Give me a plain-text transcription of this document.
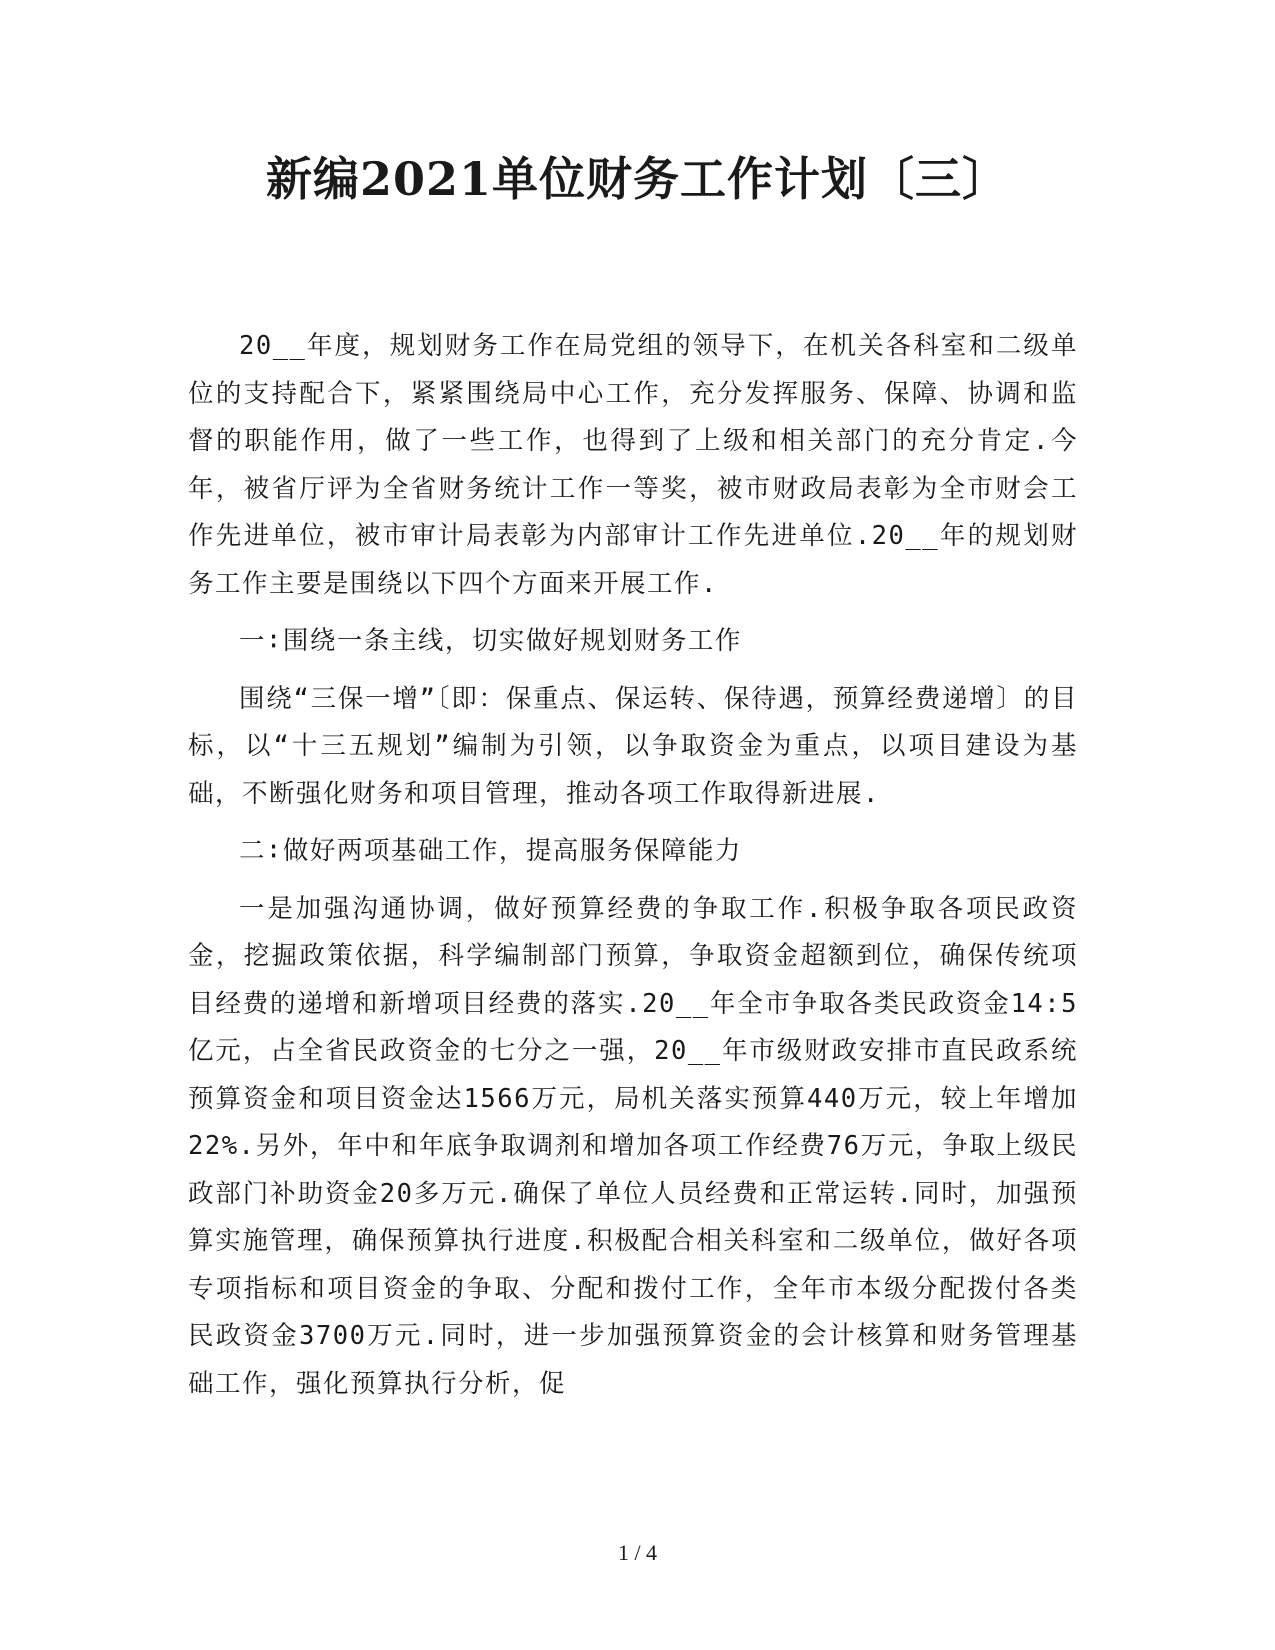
新编2021单位财务工作计划〔三〕

20__年度，规划财务工作在局党组的领导下，在机关各科室和二级单位的支持配合下，紧紧围绕局中心工作，充分发挥服务、保障、协调和监督的职能作用，做了一些工作，也得到了上级和相关部门的充分肯定.今年，被省厅评为全省财务统计工作一等奖，被市财政局表彰为全市财会工作先进单位，被市审计局表彰为内部审计工作先进单位.20__年的规划财务工作主要是围绕以下四个方面来开展工作.

一∶围绕一条主线，切实做好规划财务工作

围绕“三保一增”〔即：保重点、保运转、保待遇，预算经费递增〕的目标，以“十三五规划”编制为引领，以争取资金为重点，以项目建设为基础，不断强化财务和项目管理，推动各项工作取得新进展.

二∶做好两项基础工作，提高服务保障能力

一是加强沟通协调，做好预算经费的争取工作.积极争取各项民政资金，挖掘政策依据，科学编制部门预算，争取资金超额到位，确保传统项目经费的递增和新增项目经费的落实.20__年全市争取各类民政资金14:5亿元，占全省民政资金的七分之一强，20__年市级财政安排市直民政系统预算资金和项目资金达1566万元，局机关落实预算440万元，较上年增加22%.另外，年中和年底争取调剂和增加各项工作经费76万元，争取上级民政部门补助资金20多万元.确保了单位人员经费和正常运转.同时，加强预算实施管理，确保预算执行进度.积极配合相关科室和二级单位，做好各项专项指标和项目资金的争取、分配和拨付工作，全年市本级分配拨付各类民政资金3700万元.同时，进一步加强预算资金的会计核算和财务管理基础工作，强化预算执行分析，促

1 / 4
